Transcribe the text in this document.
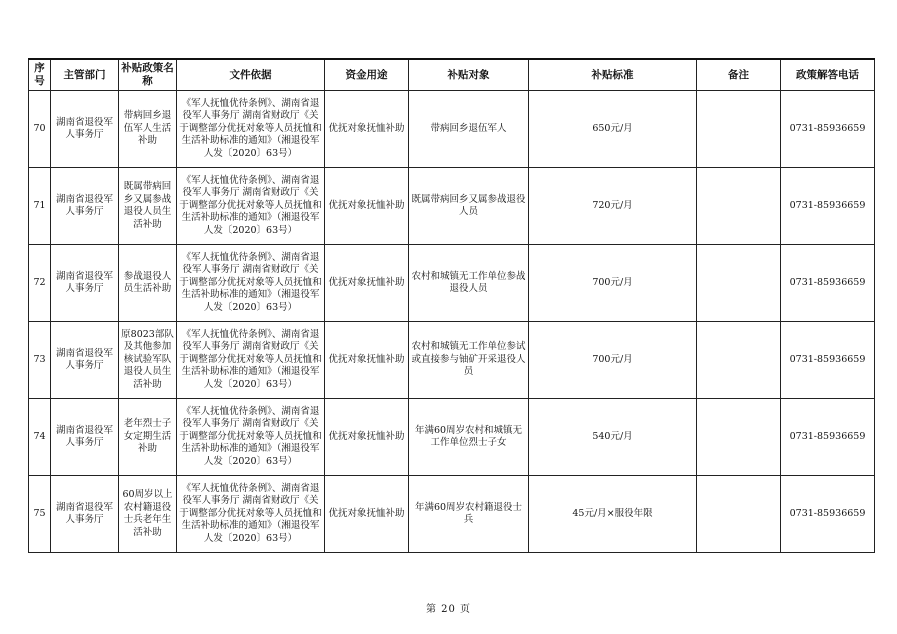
序号	主管部门	补贴政策名称	文件依据	资金用途	补贴对象	补贴标准	备注	政策解答电话
70	湖南省退役军人事务厅	带病回乡退伍军人生活补助	《军人抚恤优待条例》、湖南省退役军人事务厅 湖南省财政厅《关于调整部分优抚对象等人员抚恤和生活补助标准的通知》（湘退役军人发〔2020〕63号）	优抚对象抚恤补助	带病回乡退伍军人	650元/月		0731-85936659
71	湖南省退役军人事务厅	既属带病回乡又属参战退役人员生活补助	《军人抚恤优待条例》、湖南省退役军人事务厅 湖南省财政厅《关于调整部分优抚对象等人员抚恤和生活补助标准的通知》（湘退役军人发〔2020〕63号）	优抚对象抚恤补助	既属带病回乡又属参战退役人员	720元/月		0731-85936659
72	湖南省退役军人事务厅	参战退役人员生活补助	《军人抚恤优待条例》、湖南省退役军人事务厅 湖南省财政厅《关于调整部分优抚对象等人员抚恤和生活补助标准的通知》（湘退役军人发〔2020〕63号）	优抚对象抚恤补助	农村和城镇无工作单位参战退役人员	700元/月		0731-85936659
73	湖南省退役军人事务厅	原8023部队及其他参加核试验军队退役人员生活补助	《军人抚恤优待条例》、湖南省退役军人事务厅 湖南省财政厅《关于调整部分优抚对象等人员抚恤和生活补助标准的通知》（湘退役军人发〔2020〕63号）	优抚对象抚恤补助	农村和城镇无工作单位参试或直接参与铀矿开采退役人员	700元/月		0731-85936659
74	湖南省退役军人事务厅	老年烈士子女定期生活补助	《军人抚恤优待条例》、湖南省退役军人事务厅 湖南省财政厅《关于调整部分优抚对象等人员抚恤和生活补助标准的通知》（湘退役军人发〔2020〕63号）	优抚对象抚恤补助	年满60周岁农村和城镇无工作单位烈士子女	540元/月		0731-85936659
75	湖南省退役军人事务厅	60周岁以上农村籍退役士兵老年生活补助	《军人抚恤优待条例》、湖南省退役军人事务厅 湖南省财政厅《关于调整部分优抚对象等人员抚恤和生活补助标准的通知》（湘退役军人发〔2020〕63号）	优抚对象抚恤补助	年满60周岁农村籍退役士兵	45元/月×服役年限		0731-85936659
第 20 页
